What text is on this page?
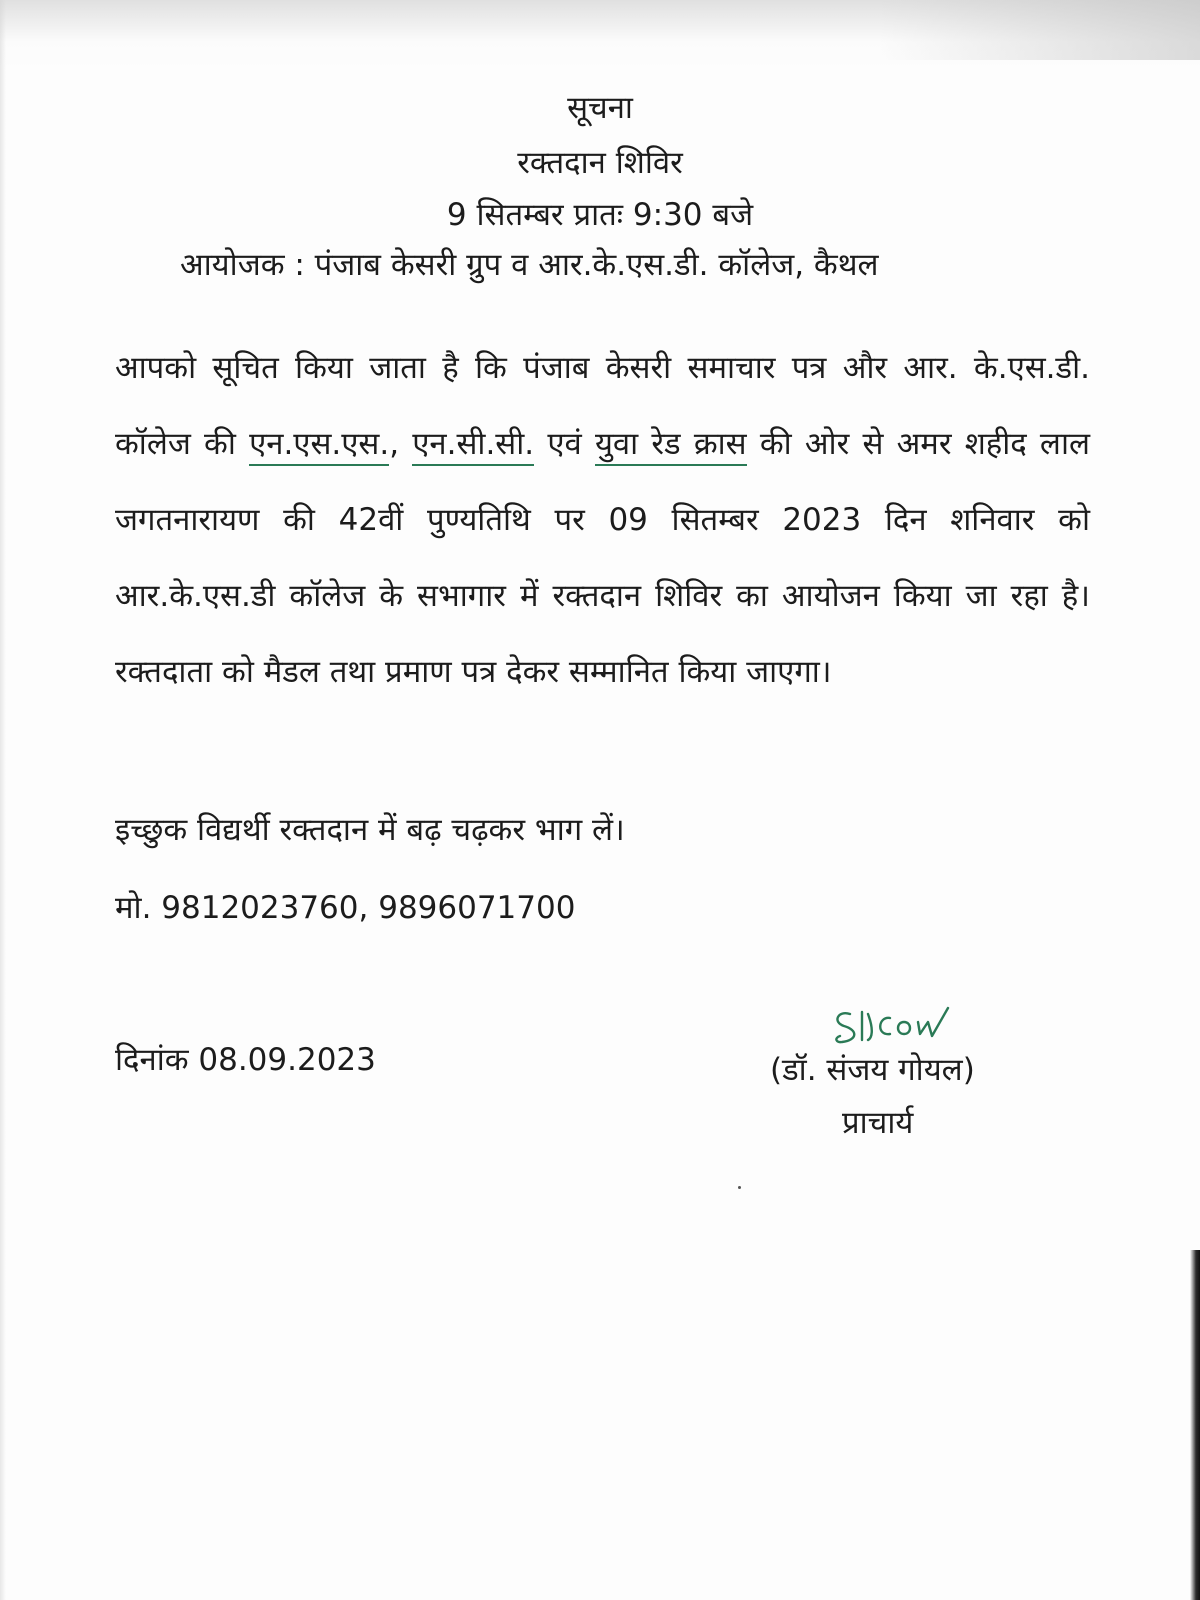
सूचना
रक्तदान शिविर
9 सितम्बर प्रातः 9:30 बजे
आयोजक : पंजाब केसरी ग्रुप व आर.के.एस.डी. कॉलेज, कैथल
आपको सूचित किया जाता है कि पंजाब केसरी समाचार पत्र और आर. के.एस.डी. कॉलेज की एन.एस.एस., एन.सी.सी. एवं युवा रेड क्रास की ओर से अमर शहीद लाल जगतनारायण की 42वीं पुण्यतिथि पर 09 सितम्बर 2023 दिन शनिवार को आर.के.एस.डी कॉलेज के सभागार में रक्तदान शिविर का आयोजन किया जा रहा है। रक्तदाता को मैडल तथा प्रमाण पत्र देकर सम्मानित किया जाएगा।
इच्छुक विद्यर्थी रक्तदान में बढ़ चढ़कर भाग लें।
मो. 9812023760, 9896071700
दिनांक 08.09.2023	(डॉ. संजय गोयल)
प्राचार्य
